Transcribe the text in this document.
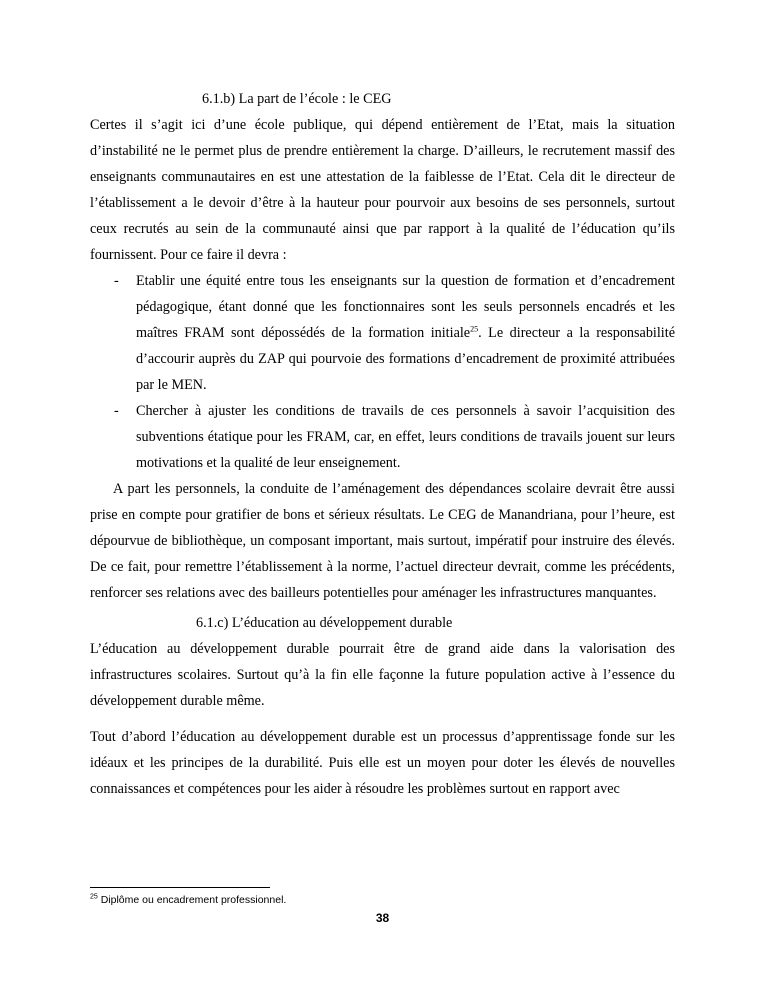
6.1.b) La part de l’école : le CEG

Certes il s’agit ici d’une école publique, qui dépend entièrement de l’Etat, mais la situation d’instabilité ne le permet plus de prendre entièrement la charge. D’ailleurs, le recrutement massif des enseignants communautaires en est une attestation de la faiblesse de l’Etat. Cela dit le directeur de l’établissement a le devoir d’être à la hauteur pour pourvoir aux besoins de ses personnels, surtout ceux recrutés au sein de la communauté ainsi que par rapport à la qualité de l’éducation qu’ils fournissent. Pour ce faire il devra :

- Etablir une équité entre tous les enseignants sur la question de formation et d’encadrement pédagogique, étant donné que les fonctionnaires sont les seuls personnels encadrés et les maîtres FRAM sont dépossédés de la formation initiale$^{25}$. Le directeur a la responsabilité d’accourir auprès du ZAP qui pourvoie des formations d’encadrement de proximité attribuées par le MEN.
- Chercher à ajuster les conditions de travails de ces personnels à savoir l’acquisition des subventions étatique pour les FRAM, car, en effet, leurs conditions de travails jouent sur leurs motivations et la qualité de leur enseignement.

A part les personnels, la conduite de l’aménagement des dépendances scolaire devrait être aussi prise en compte pour gratifier de bons et sérieux résultats. Le CEG de Manandriana, pour l’heure, est dépourvue de bibliothèque, un composant important, mais surtout, impératif pour instruire des élevés. De ce fait, pour remettre l’établissement à la norme, l’actuel directeur devrait, comme les précédents, renforcer ses relations avec des bailleurs potentielles pour aménager les infrastructures manquantes.

6.1.c) L’éducation au développement durable

L’éducation au développement durable pourrait être de grand aide dans la valorisation des infrastructures scolaires. Surtout qu’à la fin elle façonne la future population active à l’essence du développement durable même.

Tout d’abord l’éducation au développement durable est un processus d’apprentissage fonde sur les idéaux et les principes de la durabilité. Puis elle est un moyen pour doter les élevés de nouvelles connaissances et compétences pour les aider à résoudre les problèmes surtout en rapport avec

$^{25}$ Diplôme ou encadrement professionnel.
38
